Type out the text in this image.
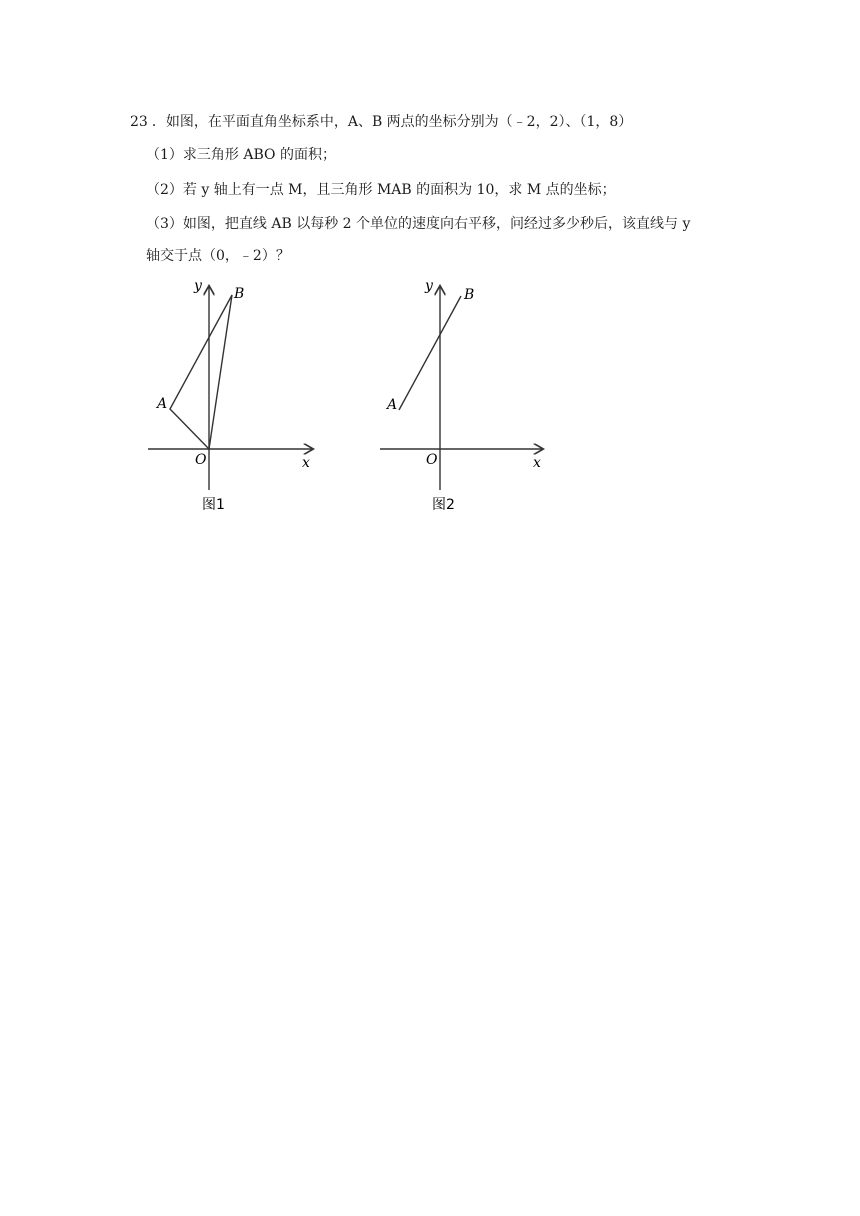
23 ．如图，在平面直角坐标系中，A、B 两点的坐标分别为（﹣2，2）、（1，8）
（1）求三角形 ABO 的面积；
（2）若 y 轴上有一点 M，且三角形 MAB 的面积为 10，求 M 点的坐标；
（3）如图，把直线 AB 以每秒 2 个单位的速度向右平移，问经过多少秒后，该直线与 y
轴交于点（0，﹣2）？
y B
A
O	x
图1
y
B
A
O	x
图2
